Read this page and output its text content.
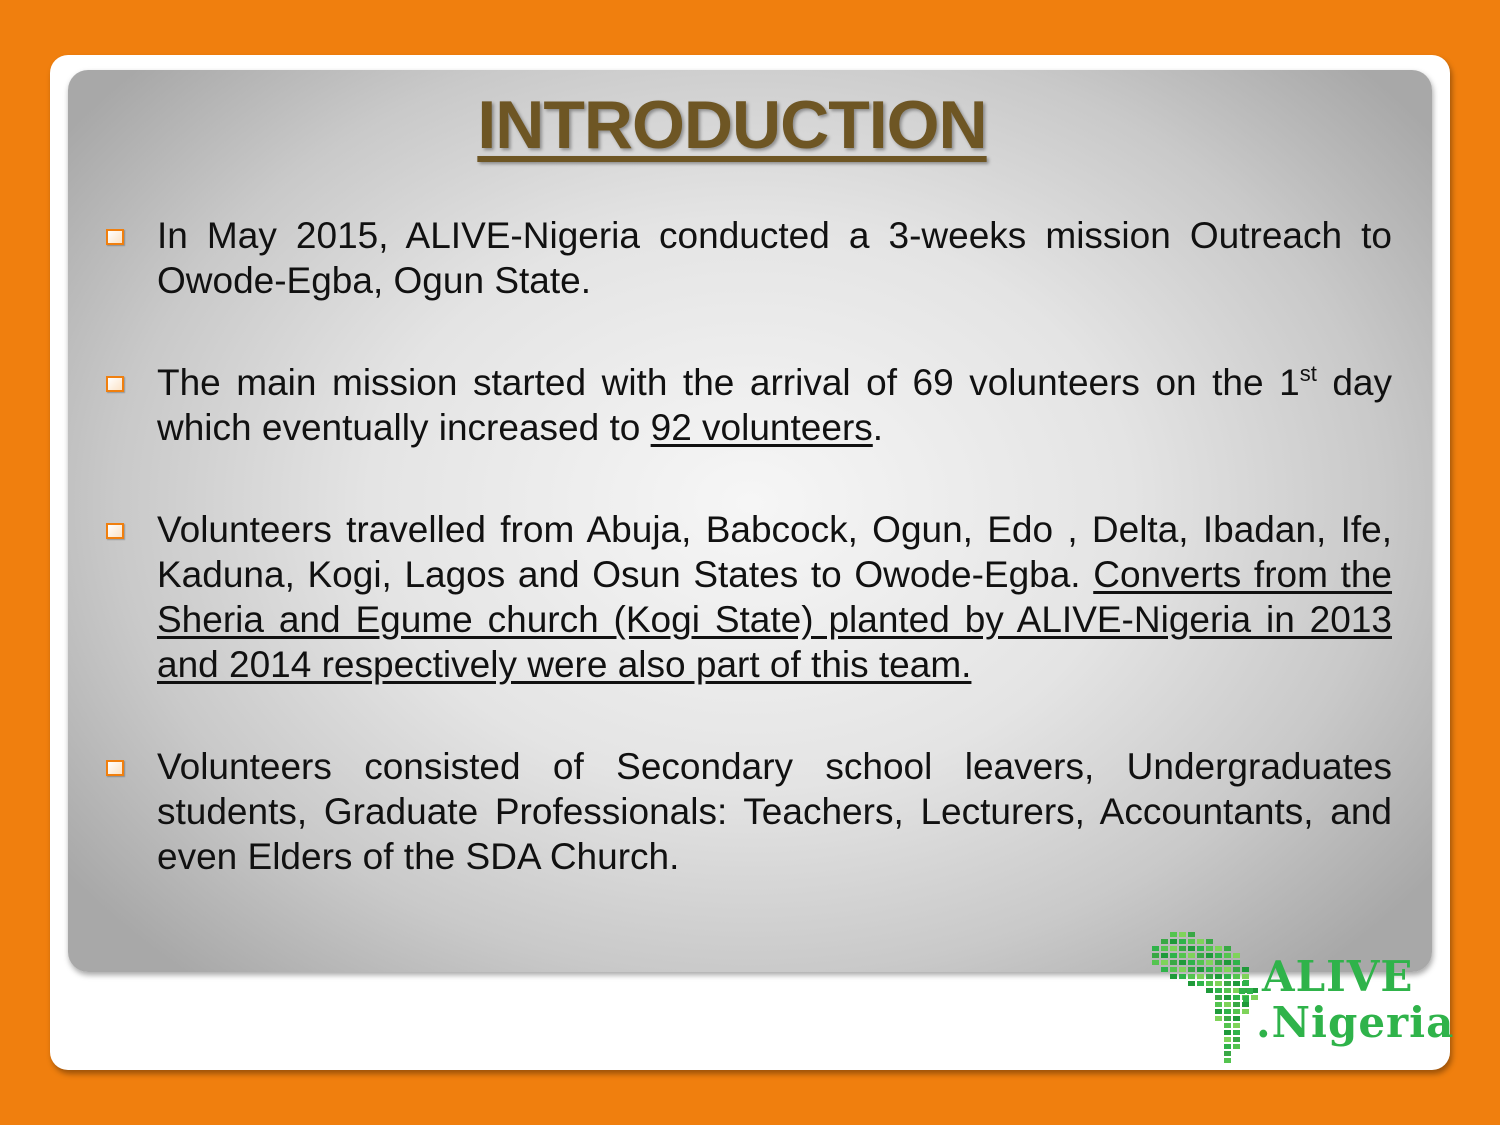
INTRODUCTION
In May 2015, ALIVE-Nigeria conducted a 3-weeks mission Outreach to Owode-Egba, Ogun State.
The main mission started with the arrival of 69 volunteers on the 1st day which eventually increased to 92 volunteers.
Volunteers travelled from Abuja, Babcock, Ogun, Edo , Delta, Ibadan, Ife, Kaduna, Kogi, Lagos and Osun States to Owode-Egba. Converts from the Sheria and Egume church (Kogi State) planted by ALIVE-Nigeria in 2013 and 2014 respectively were also part of this team.
Volunteers consisted of Secondary school leavers, Undergraduates students, Graduate Professionals: Teachers, Lecturers, Accountants, and even Elders of the SDA Church.
ALIVE
.Nigeria
